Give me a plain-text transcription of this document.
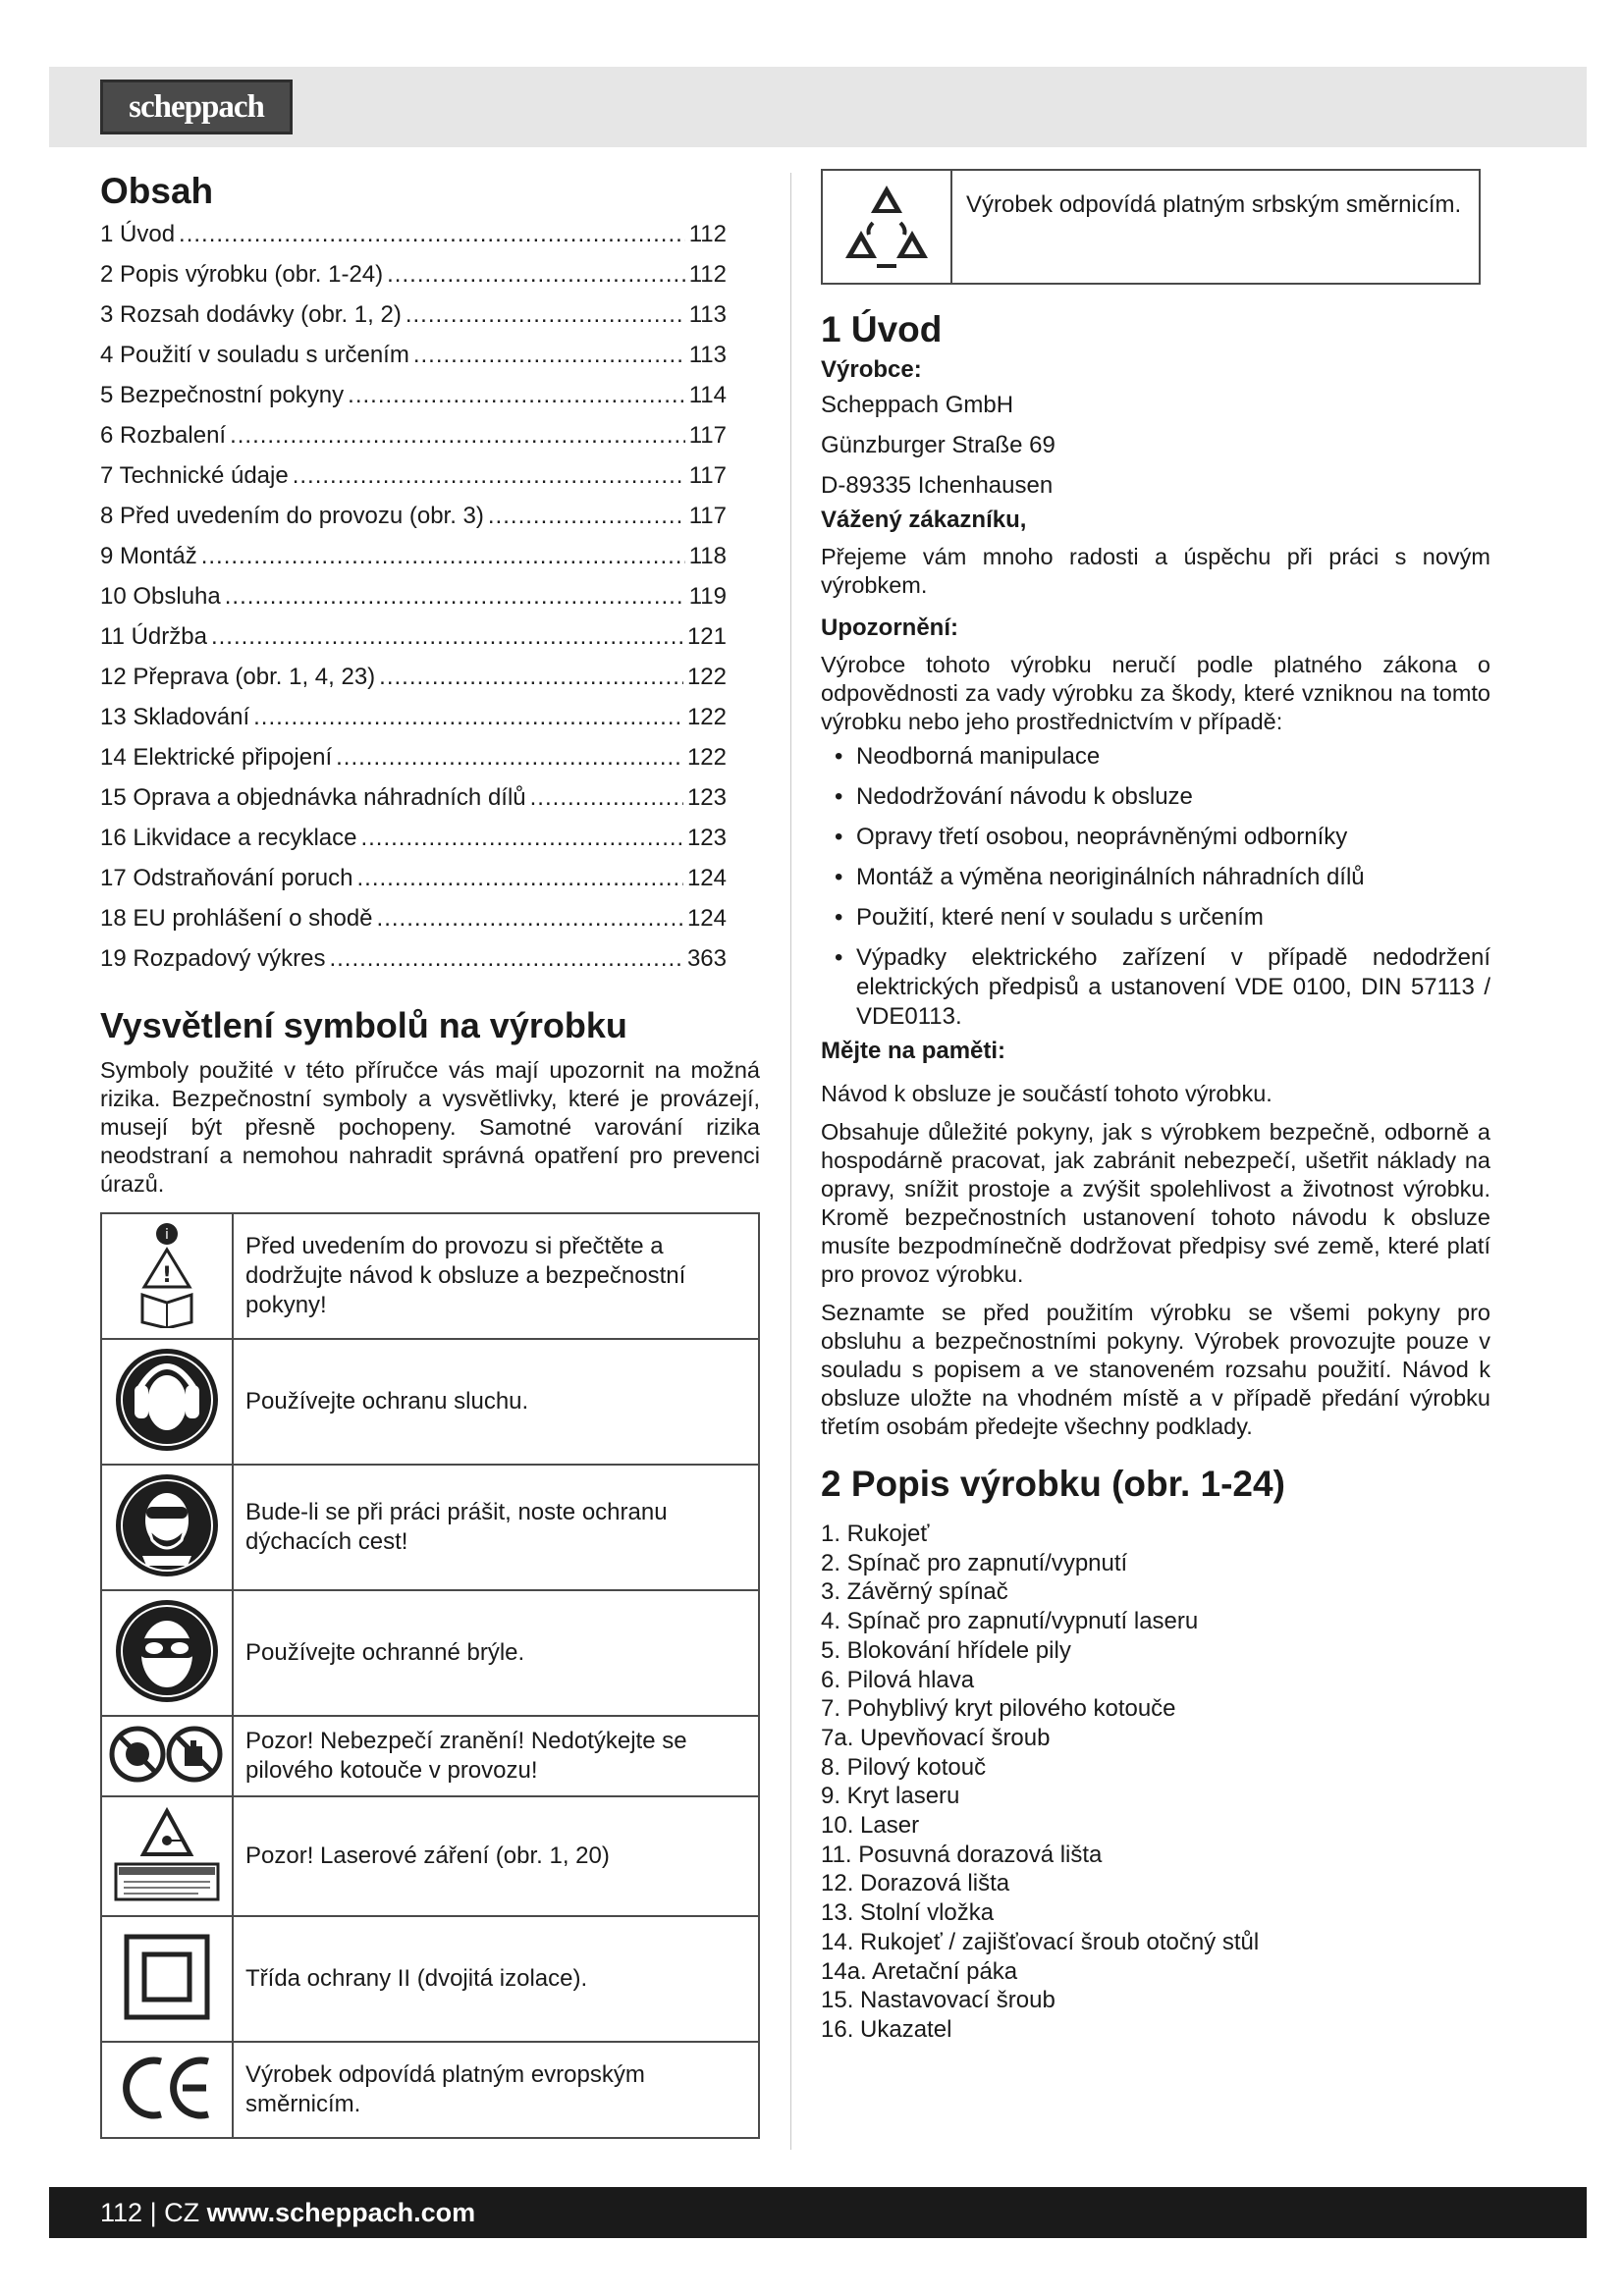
scheppach
Obsah
1 Úvod .....	112
2 Popis výrobku (obr. 1-24) .....	112
3 Rozsah dodávky (obr. 1, 2) .....	113
4 Použití v souladu s určením .....	113
5 Bezpečnostní pokyny .....	114
6 Rozbalení .....	117
7 Technické údaje .....	117
8 Před uvedením do provozu (obr. 3) .....	117
9 Montáž .....	118
10 Obsluha .....	119
11 Údržba .....	121
12 Přeprava (obr. 1, 4, 23) .....	122
13 Skladování .....	122
14 Elektrické připojení .....	122
15 Oprava a objednávka náhradních dílů .....	123
16 Likvidace a recyklace .....	123
17 Odstraňování poruch .....	124
18 EU prohlášení o shodě .....	124
19 Rozpadový výkres .....	363
Vysvětlení symbolů na výrobku

Symboly použité v této příručce vás mají upozornit na možná rizika. Bezpečnostní symboly a vysvětlivky, které je provázejí, musejí být přesně pochopeny. Samotné varování rizika neodstraní a nemohou nahradit správná opatření pro prevenci úrazů.

i
!	Před uvedením do provozu si přečtěte a dodržujte návod k obsluze a bezpečnostní pokyny!
	Používejte ochranu sluchu.
	Bude-li se při práci prášit, noste ochranu dýchacích cest!
	Používejte ochranné brýle.
	Pozor! Nebezpečí zranění! Nedotýkejte se pilového kotouče v provozu!
	Pozor! Laserové záření (obr. 1, 20)
	Třída ochrany II (dvojitá izolace).
	Výrobek odpovídá platným evropským směrnicím.
Výrobek odpovídá platným srbským směrnicím.
1 Úvod
Výrobce:
Scheppach GmbH
Günzburger Straße 69
D-89335 Ichenhausen
Vážený zákazníku,

Přejeme vám mnoho radosti a úspěchu při práci s novým výrobkem.

Upozornění:

Výrobce tohoto výrobku neručí podle platného zákona o odpovědnosti za vady výrobku za škody, které vzniknou na tomto výrobku nebo jeho prostřednictvím v případě:

• Neodborná manipulace
• Nedodržování návodu k obsluze
• Opravy třetí osobou, neoprávněnými odborníky
• Montáž a výměna neoriginálních náhradních dílů
• Použití, které není v souladu s určením
• Výpadky elektrického zařízení v případě nedodržení elektrických předpisů a ustanovení VDE 0100, DIN 57113 / VDE0113.
Mějte na paměti:

Návod k obsluze je součástí tohoto výrobku.

Obsahuje důležité pokyny, jak s výrobkem bezpečně, odborně a hospodárně pracovat, jak zabránit nebezpečí, ušetřit náklady na opravy, snížit prostoje a zvýšit spolehlivost a životnost výrobku. Kromě bezpečnostních ustanovení tohoto návodu k obsluze musíte bezpodmínečně dodržovat předpisy své země, které platí pro provoz výrobku.

Seznamte se před použitím výrobku se všemi pokyny pro obsluhu a bezpečnostními pokyny. Výrobek provozujte pouze v souladu s popisem a ve stanoveném rozsahu použití. Návod k obsluze uložte na vhodném místě a v případě předání výrobku třetím osobám předejte všechny podklady.

2 Popis výrobku (obr. 1-24)
1. Rukojeť
2. Spínač pro zapnutí/vypnutí
3. Závěrný spínač
4. Spínač pro zapnutí/vypnutí laseru
5. Blokování hřídele pily
6. Pilová hlava
7. Pohyblivý kryt pilového kotouče
7a. Upevňovací šroub
8. Pilový kotouč
9. Kryt laseru
10. Laser
11. Posuvná dorazová lišta
12. Dorazová lišta
13. Stolní vložka
14. Rukojeť / zajišťovací šroub otočný stůl
14a. Aretační páka
15. Nastavovací šroub
16. Ukazatel
112 | CZ www.scheppach.com
